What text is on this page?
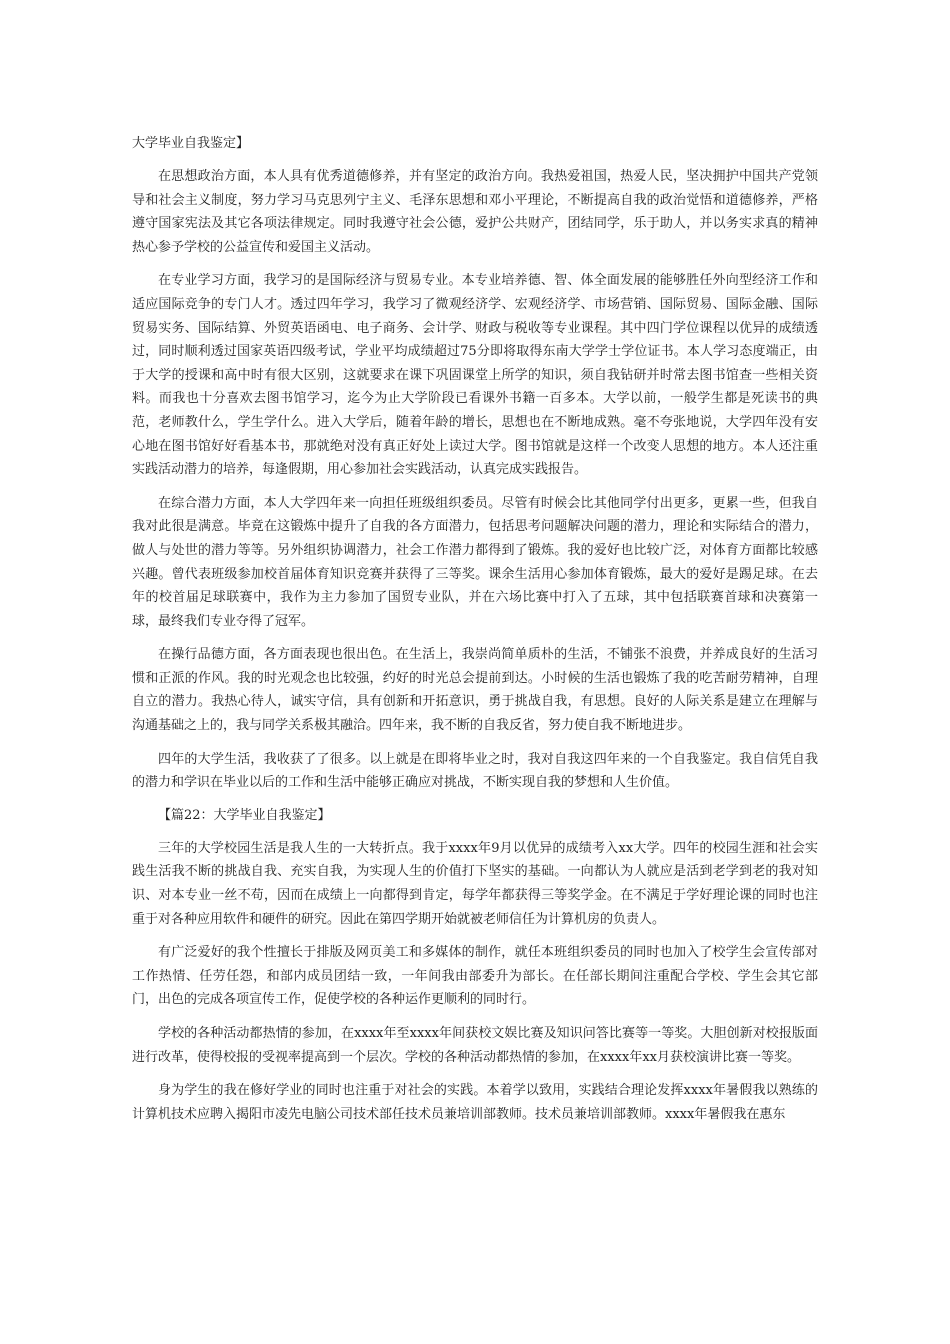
大学毕业自我鉴定】

在思想政治方面，本人具有优秀道德修养，并有坚定的政治方向。我热爱祖国，热爱人民，坚决拥护中国共产党领导和社会主义制度，努力学习马克思列宁主义、毛泽东思想和邓小平理论，不断提高自我的政治觉悟和道德修养，严格遵守国家宪法及其它各项法律规定。同时我遵守社会公德，爱护公共财产，团结同学，乐于助人，并以务实求真的精神热心参予学校的公益宣传和爱国主义活动。

在专业学习方面，我学习的是国际经济与贸易专业。本专业培养德、智、体全面发展的能够胜任外向型经济工作和适应国际竞争的专门人才。透过四年学习，我学习了微观经济学、宏观经济学、市场营销、国际贸易、国际金融、国际贸易实务、国际结算、外贸英语函电、电子商务、会计学、财政与税收等专业课程。其中四门学位课程以优异的成绩透过，同时顺利透过国家英语四级考试，学业平均成绩超过75分即将取得东南大学学士学位证书。本人学习态度端正，由于大学的授课和高中时有很大区别，这就要求在课下巩固课堂上所学的知识，须自我钻研并时常去图书馆查一些相关资料。而我也十分喜欢去图书馆学习，迄今为止大学阶段已看课外书籍一百多本。大学以前，一般学生都是死读书的典范，老师教什么，学生学什么。进入大学后，随着年龄的增长，思想也在不断地成熟。毫不夸张地说，大学四年没有安心地在图书馆好好看基本书，那就绝对没有真正好处上读过大学。图书馆就是这样一个改变人思想的地方。本人还注重实践活动潜力的培养，每逢假期，用心参加社会实践活动，认真完成实践报告。

在综合潜力方面，本人大学四年来一向担任班级组织委员。尽管有时候会比其他同学付出更多，更累一些，但我自我对此很是满意。毕竟在这锻炼中提升了自我的各方面潜力，包括思考问题解决问题的潜力，理论和实际结合的潜力，做人与处世的潜力等等。另外组织协调潜力，社会工作潜力都得到了锻炼。我的爱好也比较广泛，对体育方面都比较感兴趣。曾代表班级参加校首届体育知识竞赛并获得了三等奖。课余生活用心参加体育锻炼，最大的爱好是踢足球。在去年的校首届足球联赛中，我作为主力参加了国贸专业队，并在六场比赛中打入了五球，其中包括联赛首球和决赛第一球，最终我们专业夺得了冠军。

在操行品德方面，各方面表现也很出色。在生活上，我崇尚简单质朴的生活，不铺张不浪费，并养成良好的生活习惯和正派的作风。我的时光观念也比较强，约好的时光总会提前到达。小时候的生活也锻炼了我的吃苦耐劳精神，自理自立的潜力。我热心待人，诚实守信，具有创新和开拓意识，勇于挑战自我，有思想。良好的人际关系是建立在理解与沟通基础之上的，我与同学关系极其融洽。四年来，我不断的自我反省，努力使自我不断地进步。

四年的大学生活，我收获了了很多。以上就是在即将毕业之时，我对自我这四年来的一个自我鉴定。我自信凭自我的潜力和学识在毕业以后的工作和生活中能够正确应对挑战，不断实现自我的梦想和人生价值。

【篇22：大学毕业自我鉴定】

三年的大学校园生活是我人生的一大转折点。我于xxxx年9月以优异的成绩考入xx大学。四年的校园生涯和社会实践生活我不断的挑战自我、充实自我，为实现人生的价值打下坚实的基础。一向都认为人就应是活到老学到老的我对知识、对本专业一丝不苟，因而在成绩上一向都得到肯定，每学年都获得三等奖学金。在不满足于学好理论课的同时也注重于对各种应用软件和硬件的研究。因此在第四学期开始就被老师信任为计算机房的负责人。

有广泛爱好的我个性擅长于排版及网页美工和多媒体的制作，就任本班组织委员的同时也加入了校学生会宣传部对工作热情、任劳任怨，和部内成员团结一致，一年间我由部委升为部长。在任部长期间注重配合学校、学生会其它部门，出色的完成各项宣传工作，促使学校的各种运作更顺利的同时行。

学校的各种活动都热情的参加，在xxxx年至xxxx年间获校文娱比赛及知识问答比赛等一等奖。大胆创新对校报版面进行改革，使得校报的受视率提高到一个层次。学校的各种活动都热情的参加，在xxxx年xx月获校演讲比赛一等奖。

身为学生的我在修好学业的同时也注重于对社会的实践。本着学以致用，实践结合理论发挥xxxx年暑假我以熟练的计算机技术应聘入揭阳市凌先电脑公司技术部任技术员兼培训部教师。技术员兼培训部教师。xxxx年暑假我在惠东
